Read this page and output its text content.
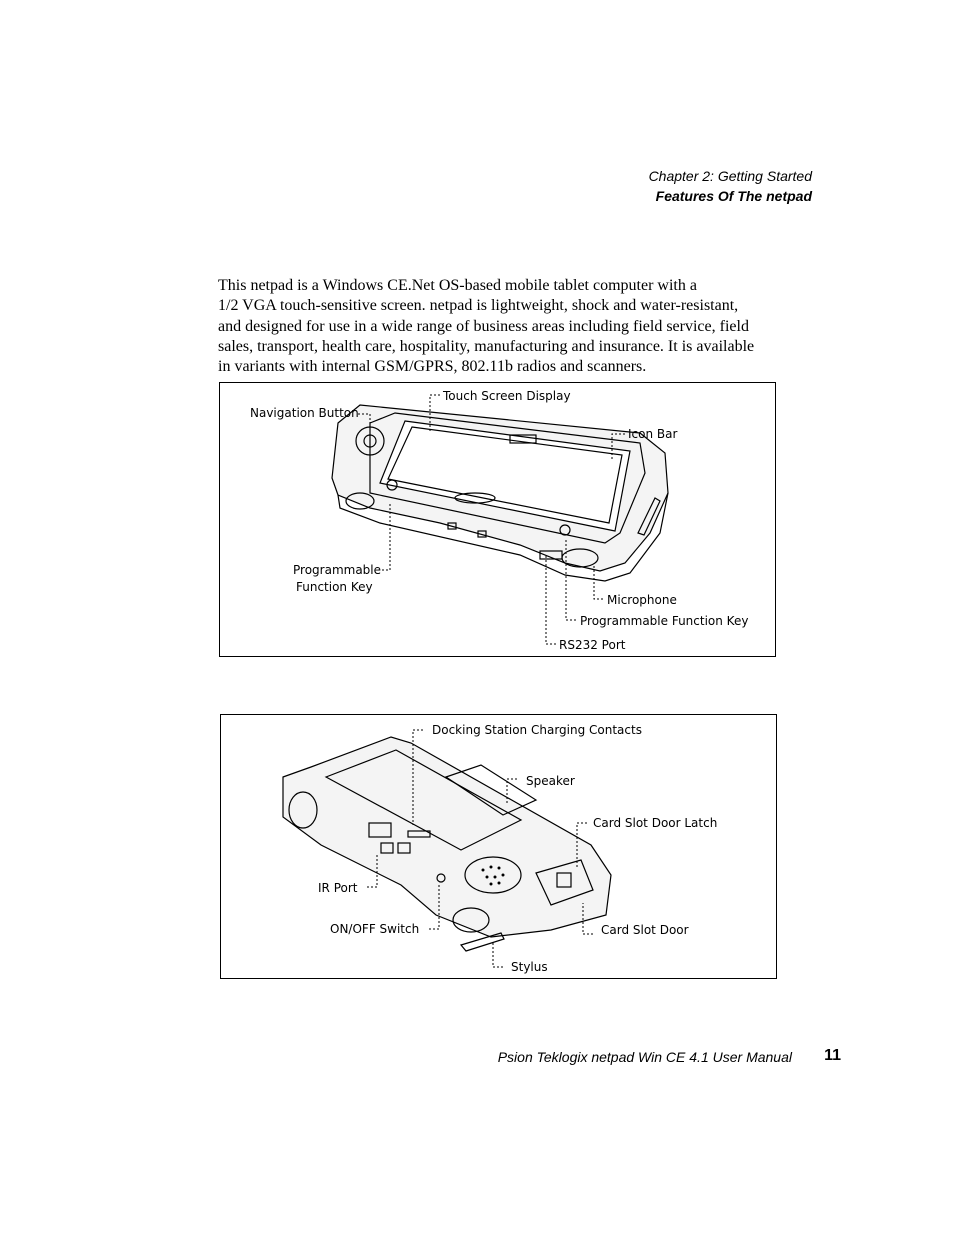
Chapter 2: Getting Started
Features Of The netpad

This netpad is a Windows CE.Net OS-based mobile tablet computer with a
1/2 VGA touch-sensitive screen. netpad is lightweight, shock and water-resistant,
and designed for use in a wide range of business areas including field service, field
sales, transport, health care, hospitality, manufacturing and insurance. It is available
in variants with internal GSM/GPRS, 802.11b radios and scanners.

Touch Screen Display
Navigation Button
Icon Bar
Programmable
Function Key
Microphone
Programmable Function Key
RS232 Port
Docking Station Charging Contacts
Speaker
Card Slot Door Latch
IR Port
ON/OFF Switch	Card Slot Door
Stylus
Psion Teklogix netpad Win CE 4.1 User Manual 11
